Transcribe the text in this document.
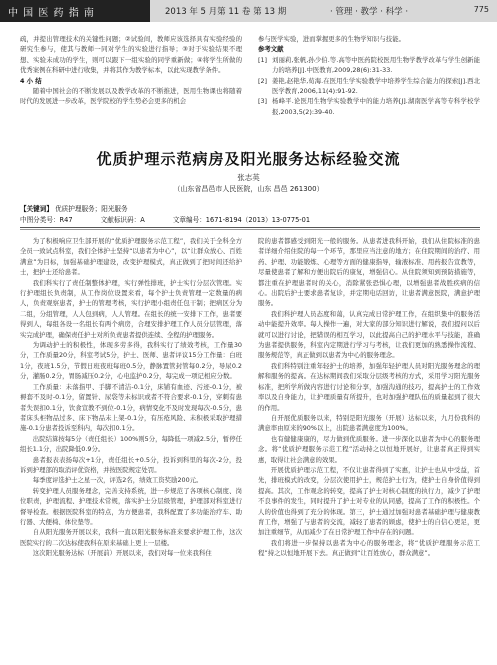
中 国 医 药 指 南	2013 年 5 月第 11 卷 第 13 期	· 管理 · 教学 · 科学 ·	775

疏，并提出管理技术的关键性问题；②试验间，教师应该选择具有实验经验的研究生参与，使其与教师一同对学生的实验进行指导；③对于实验结果不理想、实验未成功的学生，则可以跟下一组实验的同学重新做；④将学生所做的优秀案例在科研中进行收集，并将其作为教学标本，以此实现教学条件。

4 小 结

随着中国社会的不断发展以及教学改革的不断推进，医用生物课也将随着时代的发展进一步改革，医学院校的学生势必会更多的机会

参与医学实验，进而掌握更多的生物学知识与技能。

参考文献

[1] 刘丽莉,张帆,孙少伯.等.高等中医药院校医用生物学教学改革与学生创新能力的培养[J].中医教育,2009,28(6):31-33.

[2] 姜艳,赵艳华,荀海.在医用生学实验教学中培养学生综合能力的探索[J].西北医学教育,2006,11(4):91-92.

[3] 杨峰平.论医用生物学实验教学中的能力培养[J].湖南医学高等专科学校学报,2003,5(2):39-40.

优质护理示范病房及阳光服务达标经验交流
张志英
（山东省昌邑市人民医院，山东 昌邑 261300）
【关键词】 优质护理服务；阳光服务
中图分类号：R47	文献标识码：A	文章编号：1671-8194（2013）13-0775-01

为了积极响应卫生部开展的“优质护理服务示范工程”，我们关于全科全方全员一致试点科室，我们全体护士坚持“以患者为中心”，以“让群众放心、百姓满意”为目标，加强基础护理建设，改变护理模式，真正做到了把时间还给护士，把护士还给患者。

我们科实行了责任制整体护理，实行弹性排班，护士实行分层次管理。实行护理组长负责制，从工作岗位设置来看，每个护士负责管理一定数量的病人，负责观察患者，护士的管理考核，实行护理小组责任包干制；把病区分为二组，分组管理，人人包到病，人人管理。在组长的统一安排下工作，患者要得到人，每组各设一名组长有两个病房，合理安排护理工作人员分层管理，落实完成护理，确保责任护士对所负责患者提供连续、全程的护理服务。

为调动护士的积极性，体现多劳多得，我科实行了绩效考核，工作量30分，工作质量20分，科室考试5分，护士、医师、患者评议15分工作量：白班1分，夜班1.5分，节假日班夜班每班0.5分，静脉置管封管每0.2分，导尿0.2分，灌肠0.2分，胃肠减压0.2分，心电监护0.2分，每完成一项记相应分数。

工作质量：未落指甲、手脚不清洁-0.1分，床铺有血迹、污迹-0.1分，被褥套不及时-0.1分，留置针、尿袋等未标识或者不符合要求-0.1分，穿刺有患者失误扣0.1分，饮食宣教不到位-0.1分，病情变化不及时发现每次-0.5分，患者床头柜物品过多、床下物品未上架-0.1分，有压疮风险、未积极采取护理措施-0.1分患者投诉至科内，每次扣0.1分。

出院结算按每5分（责任组长）100%则5分，每降低一项减2.5分，暂停任组长1.1分，出院降低0.9分。

患者报表表扬每次+1分，责任组长+0.5分，投诉到科里的每次-2分，投诉到护理部的取消评优资格，并按医院规定处罚。

每季度评选护士之星一次，评选2名，绩效工资奖励200元。

转变护理人员服务理念，完善支持系统，进一步规范了各项核心制度、岗位职责，护理流程、护理技术常规，落实护士分层级管理，护理部对科室进行督导检查。根据医院科室的特点，为方便患者，我科配置了多功能治疗车、助行器、大便椅、体位垫等。

自从阳光服务开展以来，我科一直以阳光服务标准来要求护理工作，这次医院实行的二次达标使我科在原来基础上更上一层楼。

这次阳光服务达标（开展前）开展以来，我们对每一位来我科住

院的患者都感受到阳光一般的服务。从患者进我科开始，我们从住院标准的患者详细介绍住院的每一个环节，那里应当注意的地方；在住院期间的治疗、用药、护理、功能锻炼、心理等方面的健康指导，输液标准、用药报告宣教等，尽量使患者了解和方便出院后的康复，增强信心。从住院须知到预防措施等，都注重在护理患者时的关心，消除紧张恐惧心理，以增强患者战胜疾病的信心。出院后护士要求患者复诊，并定期电话回访，让患者满意医院，满意护理服务。

我们科护理人员态度和蔼，认真完成日常护理工作，在组织集中的服务活动中能提升效率。每人操作一遍，对大家的部分知识进行解说，我们提问以后就可以进行讨论，把错误的相互学习，以此提高自己的护理水平与技能，准确为患者提供服务，科室内定期进行学习与考核，让我们更加的熟悉操作流程、服务规范等，真正做到以患者为中心的服务理念。

我们科特别注重年轻护士的培养，加强年轻护理人员对阳光服务理念的理解和服务的提高。在达标期间我们采取分层级考核的方式，采用学习阳光服务标准，把所学所做内容进行讨论和分享，加强沟通的技巧，提高护士的工作效率以及自身能力，让护理质量有所提升，也对加强护理队伍的质量起到了很大的作用。

自开展优质服务以来，特别是阳光服务（开展）达标以来，九月份我科的满意率由原来的90%以上，出院患者满意度为100%。

也有健健康康的，尽力做到优质服务。进一步深化以患者为中心的服务理念。将“优质护理服务示范工程”活动持之以恒地开展好，让患者真正得到实惠，取得让社会满意的效果。

开展优质护理示范工程，不仅让患者得到了实惠，让护士也从中受益，首先，排班模式的改变，分层次使用护士，规范护士行为，使护士自身价值得到提高。其次，工作观念的转变，提高了护士对核心制度的执行力，减少了护理不良事件的发生，同时提升了护士对专业的认同感，提高了工作的积极性。个人的价值也得到了充分的体现。第三，护士通过加强对患者基础护理与健康教育工作，增强了与患者的交流，减轻了患者的顾虑，使护士的自信心更足，更加注重细节，从而减少了在日常护理工作中存在的问题。

我们将进一步保持以患者为中心的服务理念，将“优质护理服务示范工程”持之以恒地开展下去。真正做到“让百姓放心，群众满意”。
